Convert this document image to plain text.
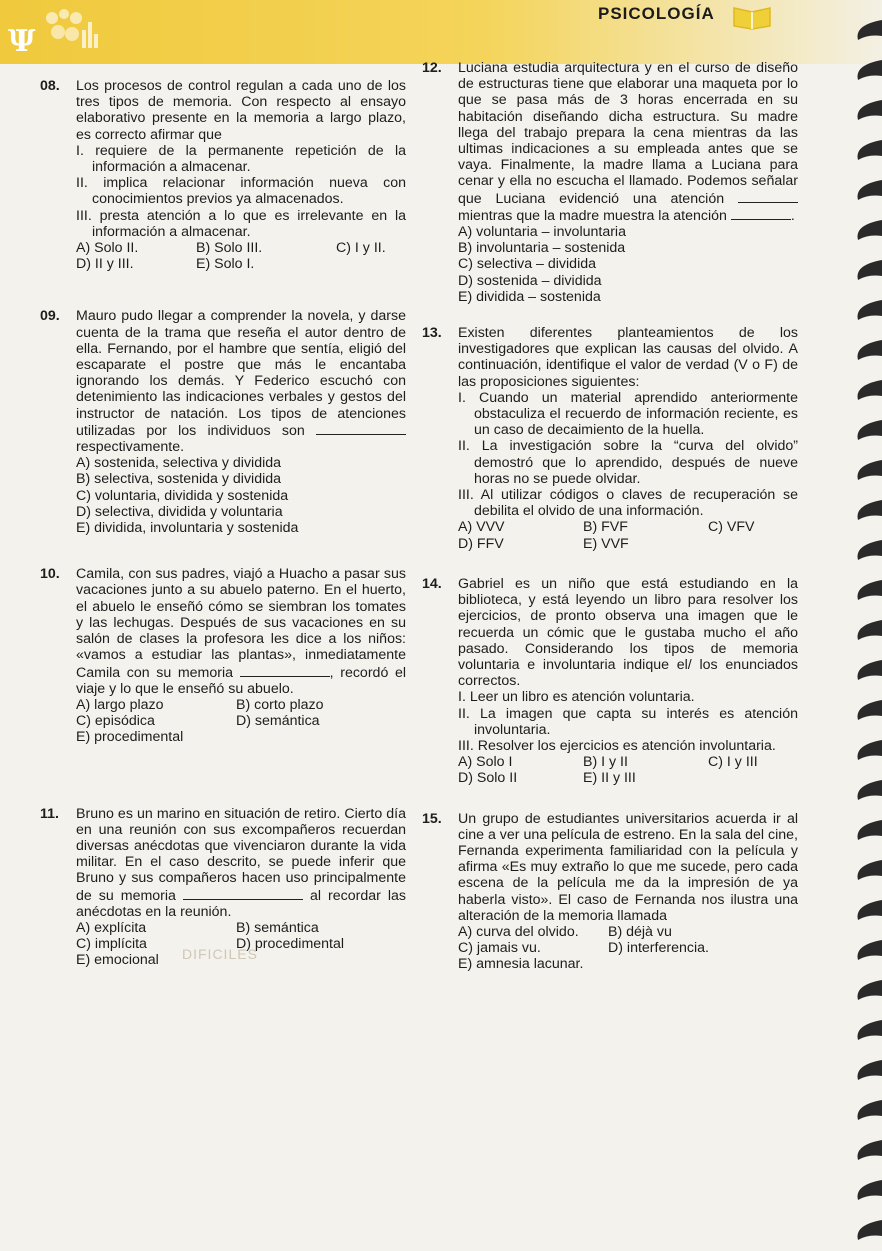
Ψ
PSICOLOGÍA

08. Los procesos de control regulan a cada uno de los tres tipos de memoria. Con respecto al ensayo elaborativo presente en la memoria a largo plazo, es correcto afirmar que

I. requiere de la permanente repetición de la información a almacenar.

II. implica relacionar información nueva con conocimientos previos ya almacenados.

III. presta atención a lo que es irrelevante en la información a almacenar.

A) Solo II.	B) Solo III.	C) I y II.
D) II y III.	E) Solo I.

09. Mauro pudo llegar a comprender la novela, y darse cuenta de la trama que reseña el autor dentro de ella. Fernando, por el hambre que sentía, eligió del escaparate el postre que más le encantaba ignorando los demás. Y Federico escuchó con detenimiento las indicaciones verbales y gestos del instructor de natación. Los tipos de atenciones utilizadas por los individuos son  respectivamente.

A) sostenida, selectiva y dividida

B) selectiva, sostenida y dividida

C) voluntaria, dividida y sostenida

D) selectiva, dividida y voluntaria

E) dividida, involuntaria y sostenida

10. Camila, con sus padres, viajó a Huacho a pasar sus vacaciones junto a su abuelo paterno. En el huerto, el abuelo le enseñó cómo se siembran los tomates y las lechugas. Después de sus vacaciones en su salón de clases la profesora les dice a los niños: «vamos a estudiar las plantas», inmediatamente Camila con su memoria	, recordó el viaje y lo que le enseñó su abuelo.

A) largo plazo	B) corto plazo
C) episódica	D) semántica
E) procedimental

11. Bruno es un marino en situación de retiro. Cierto día en una reunión con sus excompañeros recuerdan diversas anécdotas que vivenciaron durante la vida militar. En el caso descrito, se puede inferir que Bruno y sus compañeros hacen uso principalmente de su memoria	al recordar las anécdotas en la reunión.

A) explícita	B) semántica
C) implícita	D) procedimental
E) emocional	DIFICILES

12. Luciana estudia arquitectura y en el curso de diseño de estructuras tiene que elaborar una maqueta por lo que se pasa más de 3 horas encerrada en su habitación diseñando dicha estructura. Su madre llega del trabajo prepara la cena mientras da las ultimas indicaciones a su empleada antes que se vaya. Finalmente, la madre llama a Luciana para cenar y ella no escucha el llamado. Podemos señalar que Luciana evidenció una atención  mientras que la madre muestra la atención	.

A) voluntaria – involuntaria

B) involuntaria – sostenida

C) selectiva – dividida

D) sostenida – dividida

E) dividida – sostenida

13. Existen diferentes planteamientos de los investigadores que explican las causas del olvido. A continuación, identifique el valor de verdad (V o F) de las proposiciones siguientes:

I. Cuando un material aprendido anteriormente obstaculiza el recuerdo de información reciente, es un caso de decaimiento de la huella.

II. La investigación sobre la “curva del olvido” demostró que lo aprendido, después de nueve horas no se puede olvidar.

III. Al utilizar códigos o claves de recuperación se debilita el olvido de una información.

A) VVV	B) FVF	C) VFV
D) FFV	E) VVF

14. Gabriel es un niño que está estudiando en la biblioteca, y está leyendo un libro para resolver los ejercicios, de pronto observa una imagen que le recuerda un cómic que le gustaba mucho el año pasado. Considerando los tipos de memoria voluntaria e involuntaria indique el/ los enunciados correctos.

I. Leer un libro es atención voluntaria.

II. La imagen que capta su interés es atención involuntaria.

III. Resolver los ejercicios es atención involuntaria.

A) Solo I	B) I y II	C) I y III
D) Solo II	E) II y III

15. Un grupo de estudiantes universitarios acuerda ir al cine a ver una película de estreno. En la sala del cine, Fernanda experimenta familiaridad con la película y afirma «Es muy extraño lo que me sucede, pero cada escena de la película me da la impresión de ya haberla visto». El caso de Fernanda nos ilustra una alteración de la memoria llamada

A) curva del olvido.	B) déjà vu
C) jamais vu.	D) interferencia.
E) amnesia lacunar.
